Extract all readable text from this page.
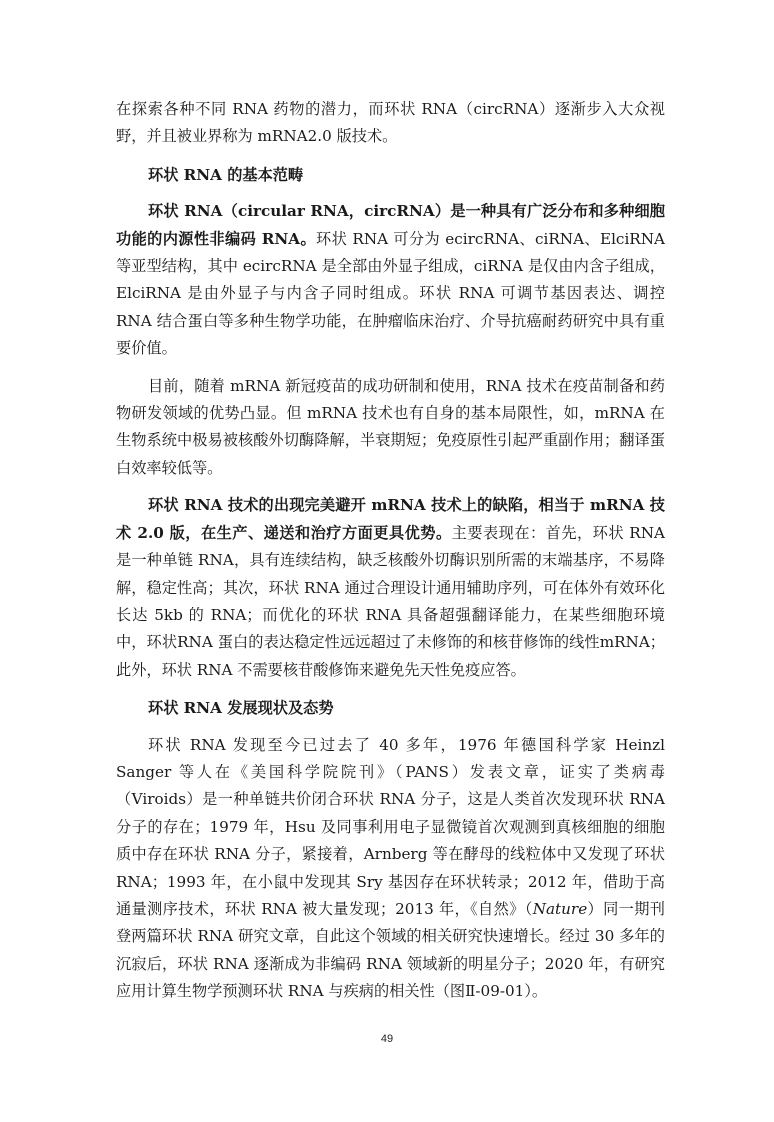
在探索各种不同 RNA 药物的潜力，而环状 RNA（circRNA）逐渐步入大众视野，并且被业界称为 mRNA2.0 版技术。

环状 RNA 的基本范畴

环状 RNA（circular RNA，circRNA）是一种具有广泛分布和多种细胞功能的内源性非编码 RNA。环状 RNA 可分为 ecircRNA、ciRNA、ElciRNA 等亚型结构，其中 ecircRNA 是全部由外显子组成，ciRNA 是仅由内含子组成，ElciRNA 是由外显子与内含子同时组成。环状 RNA 可调节基因表达、调控 RNA 结合蛋白等多种生物学功能，在肿瘤临床治疗、介导抗癌耐药研究中具有重要价值。

目前，随着 mRNA 新冠疫苗的成功研制和使用，RNA 技术在疫苗制备和药物研发领域的优势凸显。但 mRNA 技术也有自身的基本局限性，如，mRNA 在生物系统中极易被核酸外切酶降解，半衰期短；免疫原性引起严重副作用；翻译蛋白效率较低等。

环状 RNA 技术的出现完美避开 mRNA 技术上的缺陷，相当于 mRNA 技术 2.0 版，在生产、递送和治疗方面更具优势。主要表现在：首先，环状 RNA 是一种单链 RNA，具有连续结构，缺乏核酸外切酶识别所需的末端基序，不易降解，稳定性高；其次，环状 RNA 通过合理设计通用辅助序列，可在体外有效环化长达 5kb 的 RNA；而优化的环状 RNA 具备超强翻译能力，在某些细胞环境中，环状RNA 蛋白的表达稳定性远远超过了未修饰的和核苷修饰的线性mRNA；此外，环状 RNA 不需要核苷酸修饰来避免先天性免疫应答。

环状 RNA 发展现状及态势

环状 RNA 发现至今已过去了 40 多年，1976 年德国科学家 Heinzl Sanger 等人在《美国科学院院刊》（PANS）发表文章，证实了类病毒（Viroids）是一种单链共价闭合环状 RNA 分子，这是人类首次发现环状 RNA 分子的存在；1979 年，Hsu 及同事利用电子显微镜首次观测到真核细胞的细胞质中存在环状 RNA 分子，紧接着，Arnberg 等在酵母的线粒体中又发现了环状 RNA；1993 年，在小鼠中发现其 Sry 基因存在环状转录；2012 年，借助于高通量测序技术，环状 RNA 被大量发现；2013 年，《自然》（Nature）同一期刊登两篇环状 RNA 研究文章，自此这个领域的相关研究快速增长。经过 30 多年的沉寂后，环状 RNA 逐渐成为非编码 RNA 领域新的明星分子；2020 年，有研究应用计算生物学预测环状 RNA 与疾病的相关性（图Ⅱ-09-01）。

49
